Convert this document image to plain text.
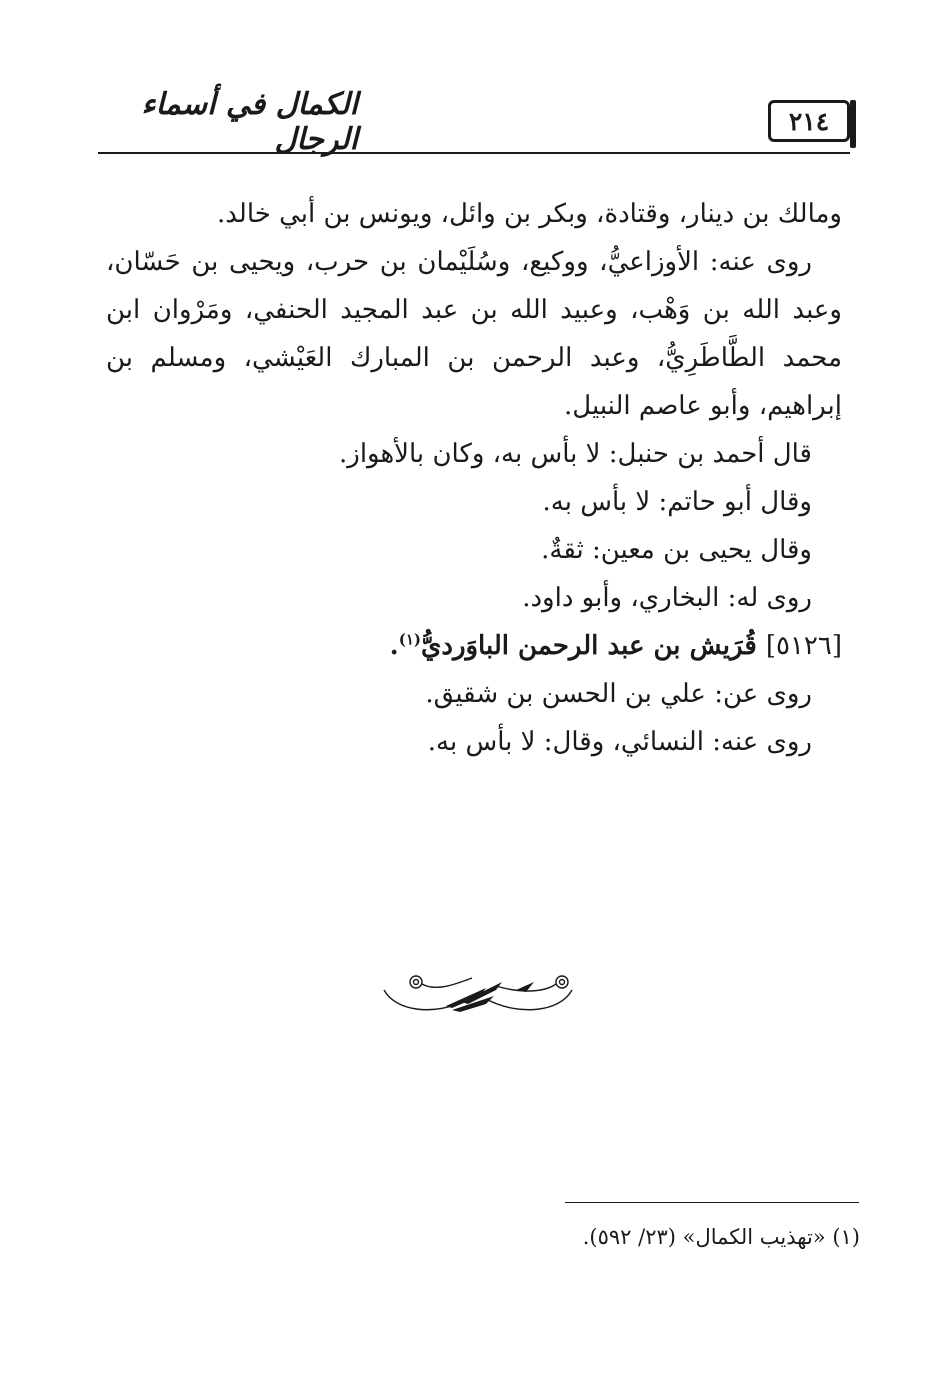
٢١٤
الكمال في أسماء الرجال

ومالك بن دينار، وقتادة، وبكر بن وائل، ويونس بن أبي خالد.

روى عنه: الأوزاعيُّ، ووكيع، وسُلَيْمان بن حرب، ويحيى بن حَسّان، وعبد الله بن وَهْب، وعبيد الله بن عبد المجيد الحنفي، ومَرْوان ابن محمد الطَّاطَرِيُّ، وعبد الرحمن بن المبارك العَيْشي، ومسلم بن إبراهيم، وأبو عاصم النبيل.

قال أحمد بن حنبل: لا بأس به، وكان بالأهواز.

وقال أبو حاتم: لا بأس به.

وقال يحيى بن معين: ثقةٌ.

روى له: البخاري، وأبو داود.

[٥١٢٦] قُرَيش بن عبد الرحمن الباوَرديُّ$^{(١)}$.

روى عن: علي بن الحسن بن شقيق.

روى عنه: النسائي، وقال: لا بأس به.

(١) «تهذيب الكمال» (٢٣/ ٥٩٢).
